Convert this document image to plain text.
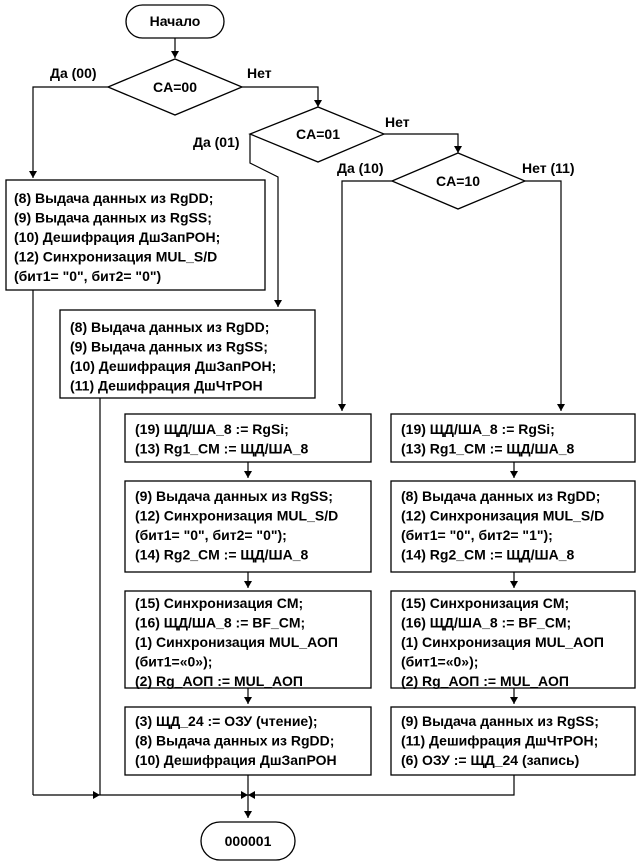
Начало
000001
CA=00
CA=01
CA=10
Да (00)	Нет
Да (01)
Нет
Да (10)	Нет (11)
(8) Выдача данных из RgDD; (9) Выдача данных из RgSS; (10) Дешифрация ДшЗапРОН; (12) Синхронизация MUL_S/D (бит1= "0", бит2= "0")
(8) Выдача данных из RgDD; (9) Выдача данных из RgSS; (10) Дешифрация ДшЗапРОН; (11) Дешифрация ДшЧтРОН
(19) ЩД/ША_8 := RgSi; (13) Rg1_CM := ЩД/ША_8
(9) Выдача данных из RgSS; (12) Синхронизация MUL_S/D (бит1= "0", бит2= "0"); (14) Rg2_CM := ЩД/ША_8
(15) Синхронизация CM; (16) ЩД/ША_8 := BF_CM; (1) Синхронизация MUL_АОП (бит1=«0»); (2) Rg_АОП := MUL_АОП
(3) ЩД_24 := ОЗУ (чтение); (8) Выдача данных из RgDD; (10) Дешифрация ДшЗапРОН
(19) ЩД/ША_8 := RgSi; (13) Rg1_CM := ЩД/ША_8
(8) Выдача данных из RgDD; (12) Синхронизация MUL_S/D (бит1= "0", бит2= "1"); (14) Rg2_CM := ЩД/ША_8
(15) Синхронизация CM; (16) ЩД/ША_8 := BF_CM; (1) Синхронизация MUL_АОП (бит1=«0»); (2) Rg_АОП := MUL_АОП
(9) Выдача данных из RgSS; (11) Дешифрация ДшЧтРОН; (6) ОЗУ := ЩД_24 (запись)
